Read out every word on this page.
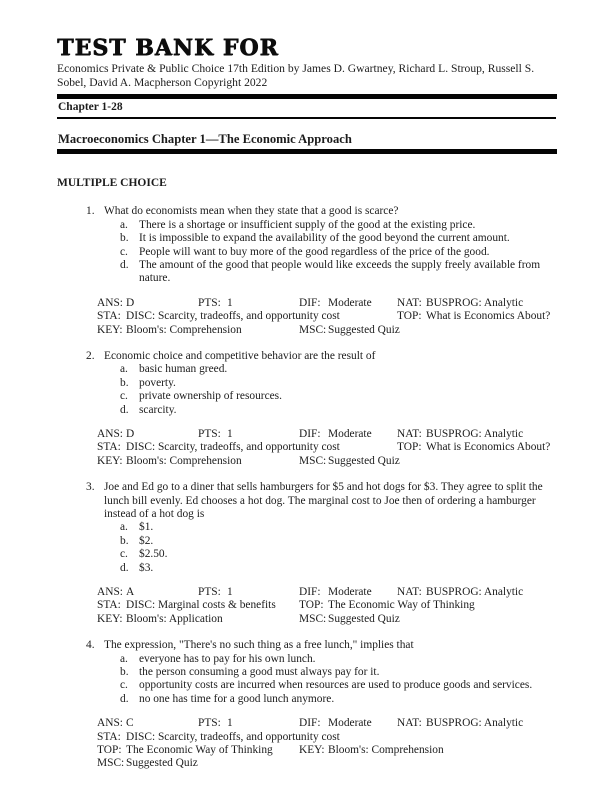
TEST BANK FOR
Economics Private & Public Choice 17th Edition by James D. Gwartney, Richard L. Stroup, Russell S. Sobel, David A. Macpherson Copyright 2022
Chapter 1-28
Macroeconomics Chapter 1—The Economic Approach
MULTIPLE CHOICE
1. What do economists mean when they state that a good is scarce?
a. There is a shortage or insufficient supply of the good at the existing price.
b. It is impossible to expand the availability of the good beyond the current amount.
c. People will want to buy more of the good regardless of the price of the good.
d. The amount of the good that people would like exceeds the supply freely available from nature.
ANS: D	PTS: 1	DIF: Moderate NAT: BUSPROG: Analytic
STA: DISC: Scarcity, tradeoffs, and opportunity cost	TOP: What is Economics About?
KEY: Bloom's: Comprehension	MSC: Suggested Quiz
2. Economic choice and competitive behavior are the result of
a. basic human greed.
b. poverty.
c. private ownership of resources.
d. scarcity.
ANS: D	PTS: 1	DIF: Moderate NAT: BUSPROG: Analytic
STA: DISC: Scarcity, tradeoffs, and opportunity cost	TOP: What is Economics About?
KEY: Bloom's: Comprehension	MSC: Suggested Quiz
3. Joe and Ed go to a diner that sells hamburgers for $5 and hot dogs for $3. They agree to split the lunch bill evenly. Ed chooses a hot dog. The marginal cost to Joe then of ordering a hamburger instead of a hot dog is
a. $1.
b. $2.
c. $2.50.
d. $3.
ANS: A	PTS: 1	DIF: Moderate NAT: BUSPROG: Analytic
STA: DISC: Marginal costs & benefits TOP: The Economic Way of Thinking
KEY: Bloom's: Application	MSC: Suggested Quiz
4. The expression, "There's no such thing as a free lunch," implies that
a. everyone has to pay for his own lunch.
b. the person consuming a good must always pay for it.
c. opportunity costs are incurred when resources are used to produce goods and services.
d. no one has time for a good lunch anymore.
ANS: C	PTS: 1	DIF: Moderate NAT: BUSPROG: Analytic
STA: DISC: Scarcity, tradeoffs, and opportunity cost
TOP: The Economic Way of Thinking KEY: Bloom's: Comprehension
MSC: Suggested Quiz
